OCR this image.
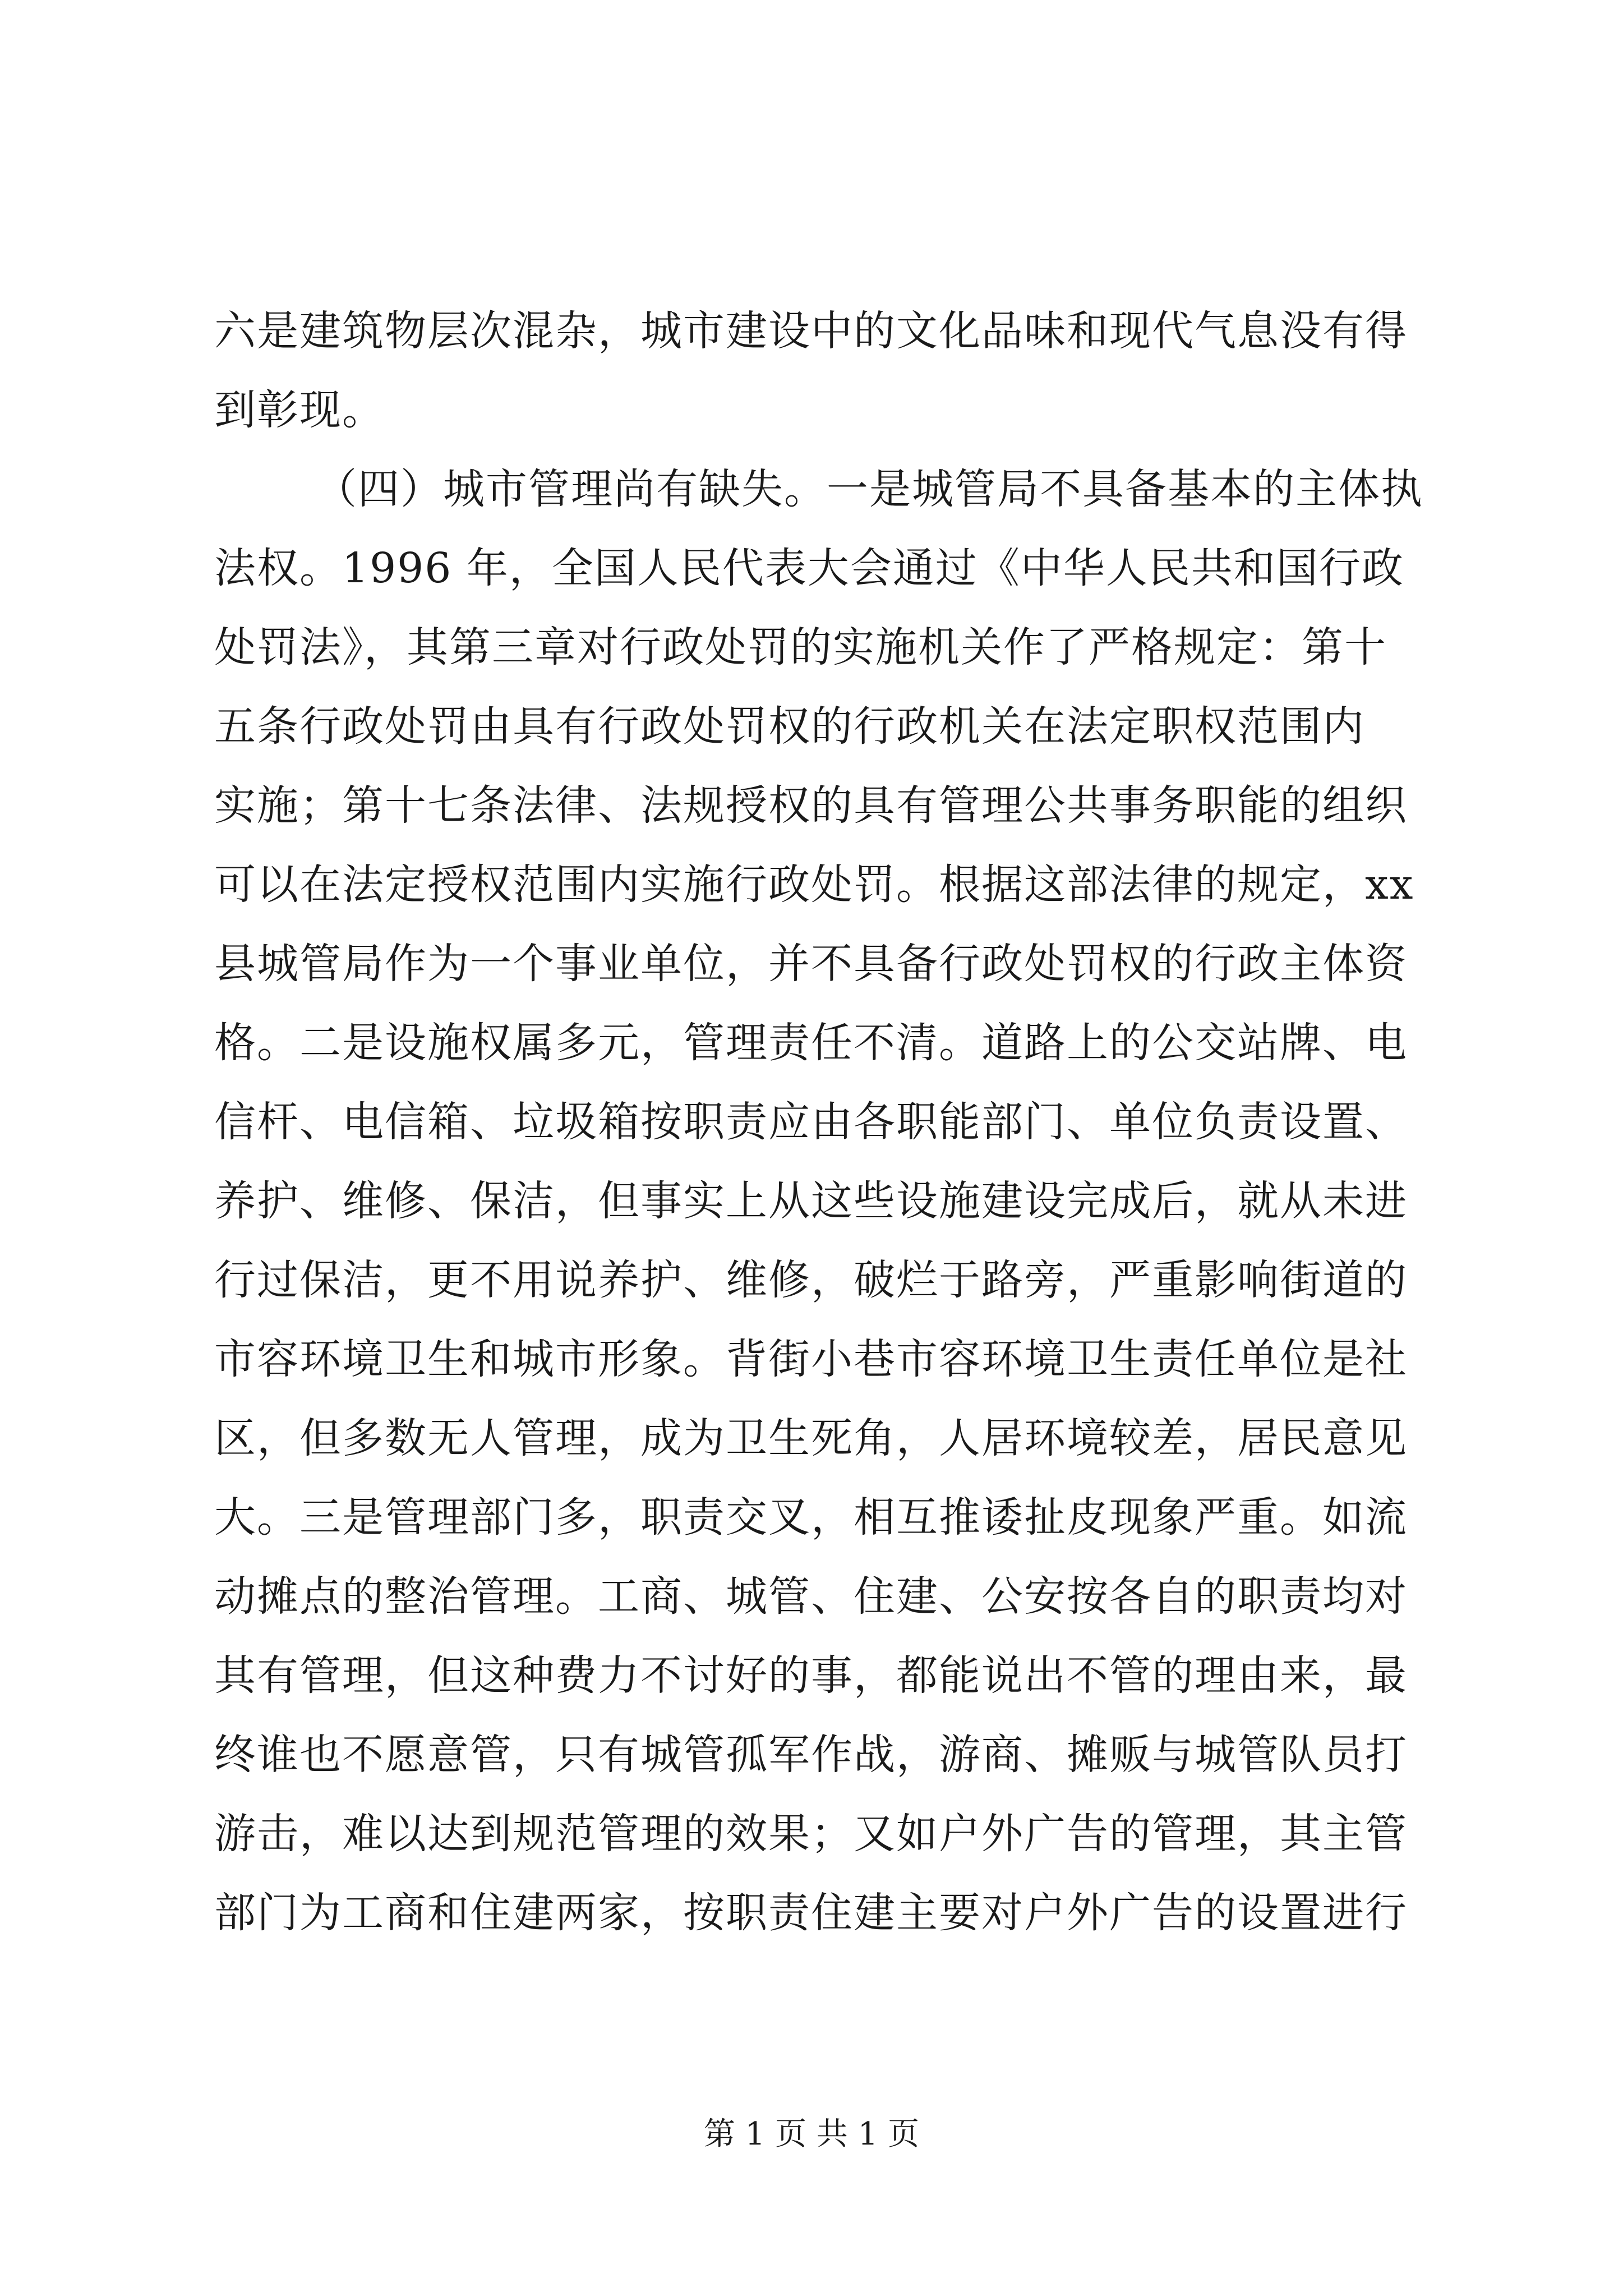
六是建筑物层次混杂，城市建设中的文化品味和现代气息没有得
到彰现。
（四）城市管理尚有缺失。一是城管局不具备基本的主体执
法权。1996 年，全国人民代表大会通过《中华人民共和国行政
处罚法》，其第三章对行政处罚的实施机关作了严格规定：第十
五条行政处罚由具有行政处罚权的行政机关在法定职权范围内
实施；第十七条法律、法规授权的具有管理公共事务职能的组织
可以在法定授权范围内实施行政处罚。根据这部法律的规定，xx
县城管局作为一个事业单位，并不具备行政处罚权的行政主体资
格。二是设施权属多元，管理责任不清。道路上的公交站牌、电
信杆、电信箱、垃圾箱按职责应由各职能部门、单位负责设置、
养护、维修、保洁，但事实上从这些设施建设完成后，就从未进
行过保洁，更不用说养护、维修，破烂于路旁，严重影响街道的
市容环境卫生和城市形象。背街小巷市容环境卫生责任单位是社
区，但多数无人管理，成为卫生死角，人居环境较差，居民意见
大。三是管理部门多，职责交叉，相互推诿扯皮现象严重。如流
动摊点的整治管理。工商、城管、住建、公安按各自的职责均对
其有管理，但这种费力不讨好的事，都能说出不管的理由来，最
终谁也不愿意管，只有城管孤军作战，游商、摊贩与城管队员打
游击，难以达到规范管理的效果；又如户外广告的管理，其主管
部门为工商和住建两家，按职责住建主要对户外广告的设置进行
第 1 页 共 1 页
